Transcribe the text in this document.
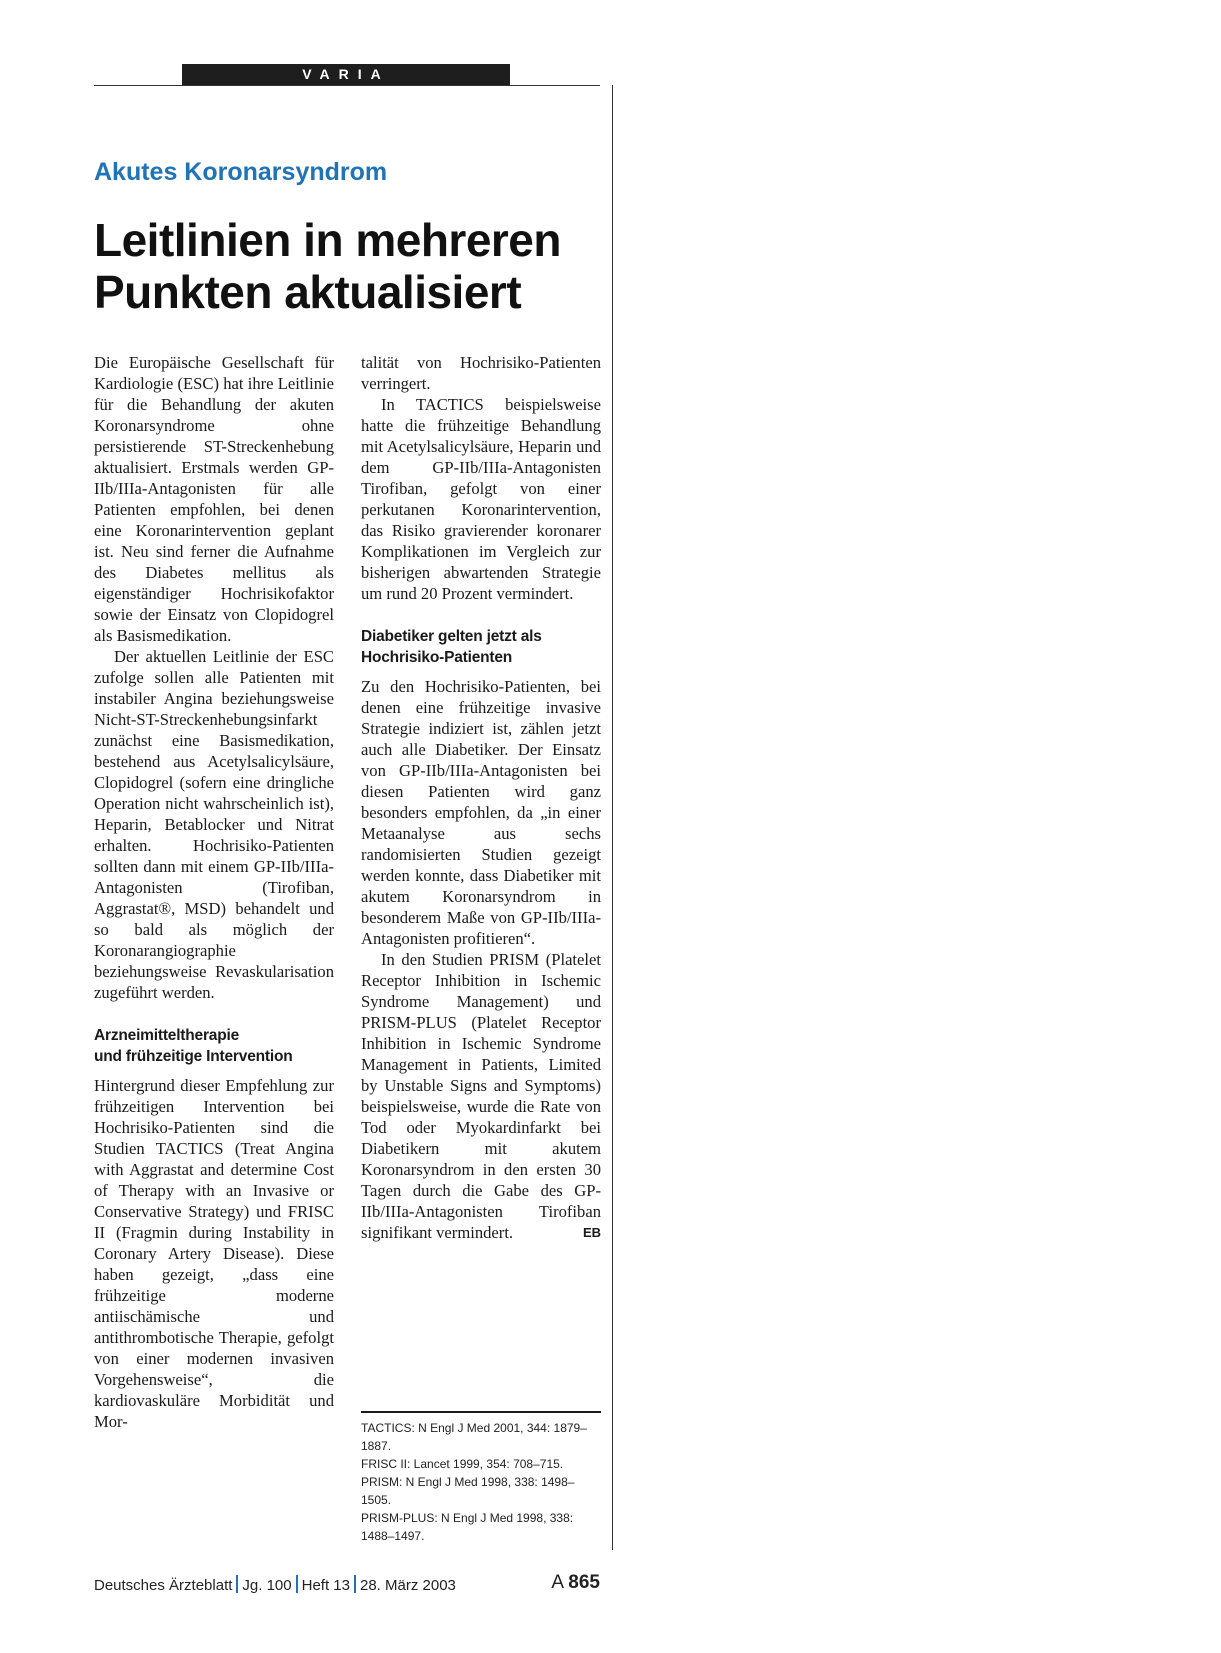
VARIA
Akutes Koronarsyndrom
Leitlinien in mehreren
Punkten aktualisiert

Die Europäische Gesellschaft für Kardiologie (ESC) hat ihre Leitlinie für die Behandlung der akuten Koronarsyndrome ohne persistierende ST-Streckenhebung aktualisiert. Erstmals werden GP-IIb/IIIa-Antagonisten für alle Patienten empfohlen, bei denen eine Koronarintervention geplant ist. Neu sind ferner die Aufnahme des Diabetes mellitus als eigenständiger Hochrisikofaktor sowie der Einsatz von Clopidogrel als Basismedikation.

Der aktuellen Leitlinie der ESC zufolge sollen alle Patienten mit instabiler Angina beziehungsweise Nicht-ST-Streckenhebungsinfarkt zunächst eine Basismedikation, bestehend aus Acetylsalicylsäure, Clopidogrel (sofern eine dringliche Operation nicht wahrscheinlich ist), Heparin, Betablocker und Nitrat erhalten. Hochrisiko-Patienten sollten dann mit einem GP-IIb/IIIa-Antagonisten (Tirofiban, Aggrastat®, MSD) behandelt und so bald als möglich der Koronarangiographie beziehungsweise Revaskularisation zugeführt werden.

Arzneimitteltherapie
und frühzeitige Intervention

Hintergrund dieser Empfehlung zur frühzeitigen Intervention bei Hochrisiko-Patienten sind die Studien TACTICS (Treat Angina with Aggrastat and determine Cost of Therapy with an Invasive or Conservative Strategy) und FRISC II (Fragmin during Instability in Coronary Artery Disease). Diese haben gezeigt, „dass eine frühzeitige moderne antiischämische und antithrombotische Therapie, gefolgt von einer modernen invasiven Vorgehensweise“, die kardiovaskuläre Morbidität und Mor-

talität von Hochrisiko-Patienten verringert.

In TACTICS beispielsweise hatte die frühzeitige Behandlung mit Acetylsalicylsäure, Heparin und dem GP-IIb/IIIa-Antagonisten Tirofiban, gefolgt von einer perkutanen Koronarintervention, das Risiko gravierender koronarer Komplikationen im Vergleich zur bisherigen abwartenden Strategie um rund 20 Prozent vermindert.

Diabetiker gelten jetzt als
Hochrisiko-Patienten

Zu den Hochrisiko-Patienten, bei denen eine frühzeitige invasive Strategie indiziert ist, zählen jetzt auch alle Diabetiker. Der Einsatz von GP-IIb/IIIa-Antagonisten bei diesen Patienten wird ganz besonders empfohlen, da „in einer Metaanalyse aus sechs randomisierten Studien gezeigt werden konnte, dass Diabetiker mit akutem Koronarsyndrom in besonderem Maße von GP-IIb/IIIa-Antagonisten profitieren“.

In den Studien PRISM (Platelet Receptor Inhibition in Ischemic Syndrome Management) und PRISM-PLUS (Platelet Receptor Inhibition in Ischemic Syndrome Management in Patients, Limited by Unstable Signs and Symptoms) beispielsweise, wurde die Rate von Tod oder Myokardinfarkt bei Diabetikern mit akutem Koronarsyndrom in den ersten 30 Tagen durch die Gabe des GP-IIb/IIIa-Antagonisten Tirofiban signifikant vermindert.	EB

TACTICS: N Engl J Med 2001, 344: 1879–1887.

FRISC II: Lancet 1999, 354: 708–715.

PRISM: N Engl J Med 1998, 338: 1498–1505.

PRISM-PLUS: N Engl J Med 1998, 338: 1488–1497.

Deutsches Ärzteblatt Jg. 100 Heft 13 28. März 2003	A 865
